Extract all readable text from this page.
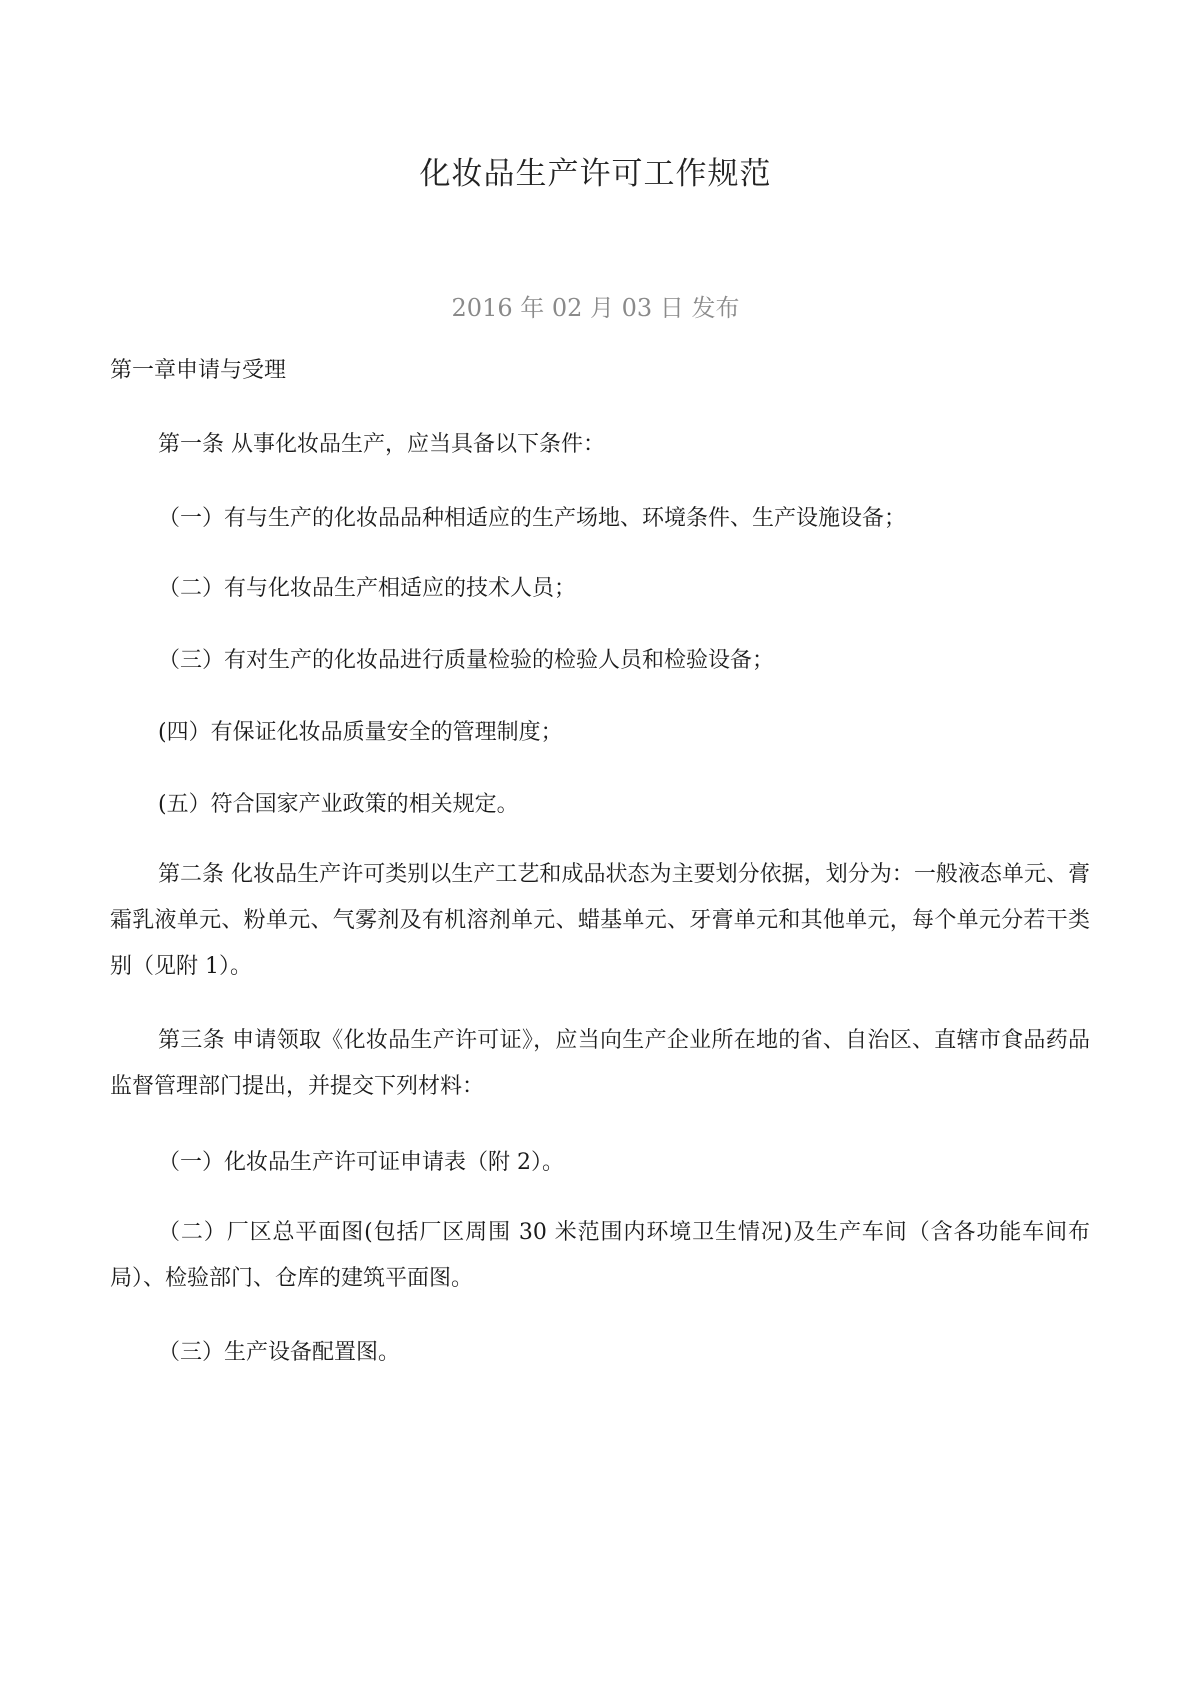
化妆品生产许可工作规范
2016 年 02 月 03 日 发布
第一章申请与受理
第一条 从事化妆品生产，应当具备以下条件：
（一）有与生产的化妆品品种相适应的生产场地、环境条件、生产设施设备；
（二）有与化妆品生产相适应的技术人员；
（三）有对生产的化妆品进行质量检验的检验人员和检验设备；
(四）有保证化妆品质量安全的管理制度；
(五）符合国家产业政策的相关规定。
第二条 化妆品生产许可类别以生产工艺和成品状态为主要划分依据，划分为：一般液态单元、膏霜乳液单元、粉单元、气雾剂及有机溶剂单元、蜡基单元、牙膏单元和其他单元，每个单元分若干类别（见附 1）。
第三条 申请领取《化妆品生产许可证》，应当向生产企业所在地的省、自治区、直辖市食品药品监督管理部门提出，并提交下列材料：
（一）化妆品生产许可证申请表（附 2）。
（二）厂区总平面图(包括厂区周围 30 米范围内环境卫生情况)及生产车间（含各功能车间布局）、检验部门、仓库的建筑平面图。
（三）生产设备配置图。
